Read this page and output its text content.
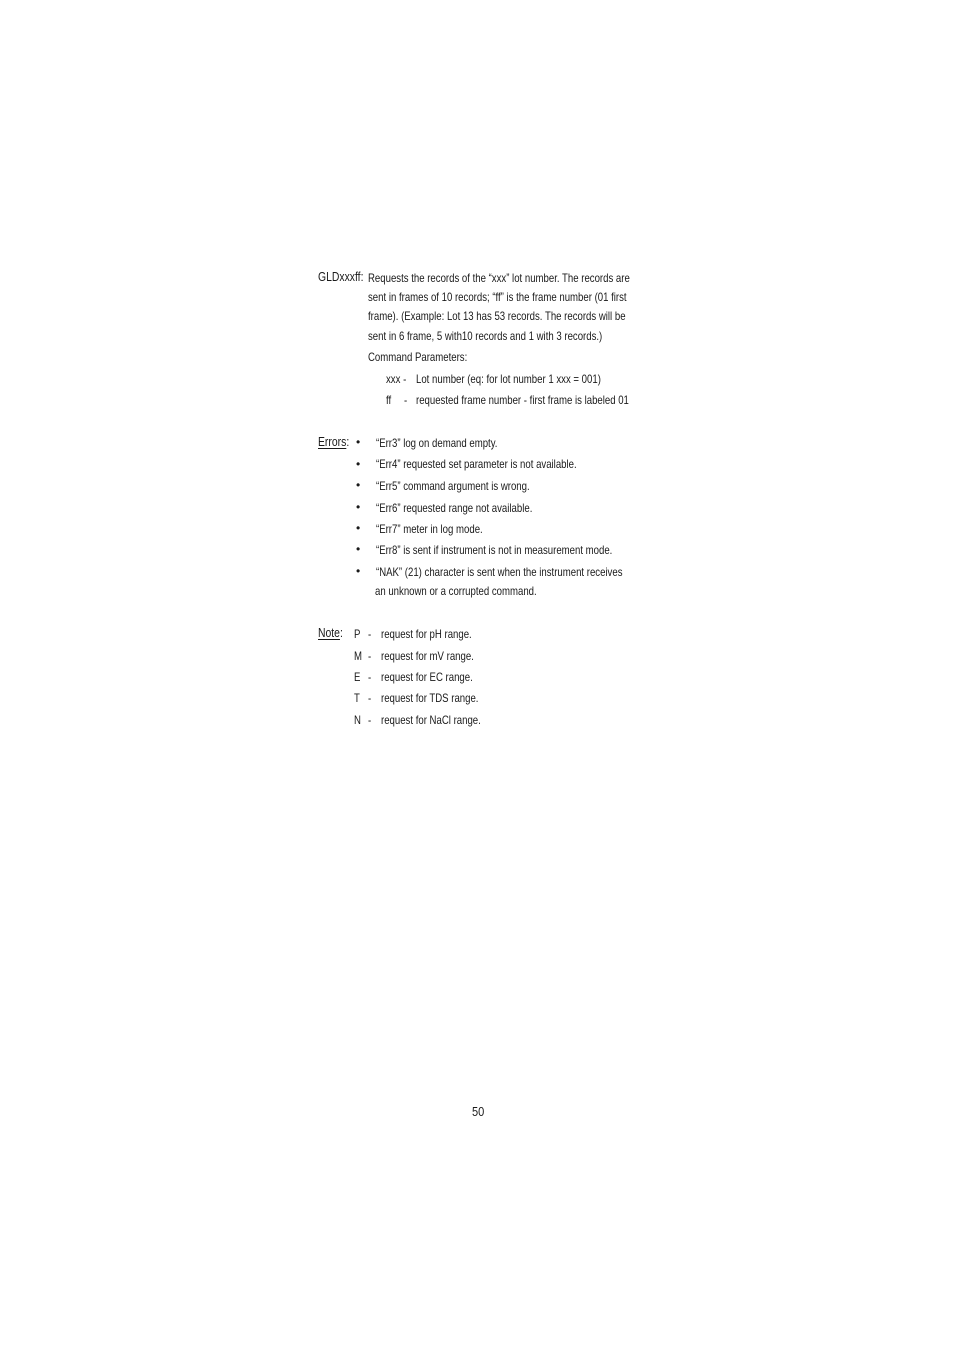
GLDxxxff: Requests the records of the “xxx” lot number. The records are
sent in frames of 10 records; “ff” is the frame number (01 first
frame). (Example: Lot 13 has 53 records. The records will be
sent in 6 frame, 5 with10 records and 1 with 3 records.)
Command Parameters:
xxx - Lot number (eq: for lot number 1 xxx = 001)
ff - requested frame number - first frame is labeled 01
Errors: • “Err3” log on demand empty.
• “Err4” requested set parameter is not available.
• “Err5” command argument is wrong.
• “Err6” requested range not available.
• “Err7” meter in log mode.
• “Err8” is sent if instrument is not in measurement mode.
• “NAK” (21) character is sent when the instrument receives
an unknown or a corrupted command.
Note: P - request for pH range.
M - request for mV range.
E - request for EC range.
T - request for TDS range.
N - request for NaCl range.
50
